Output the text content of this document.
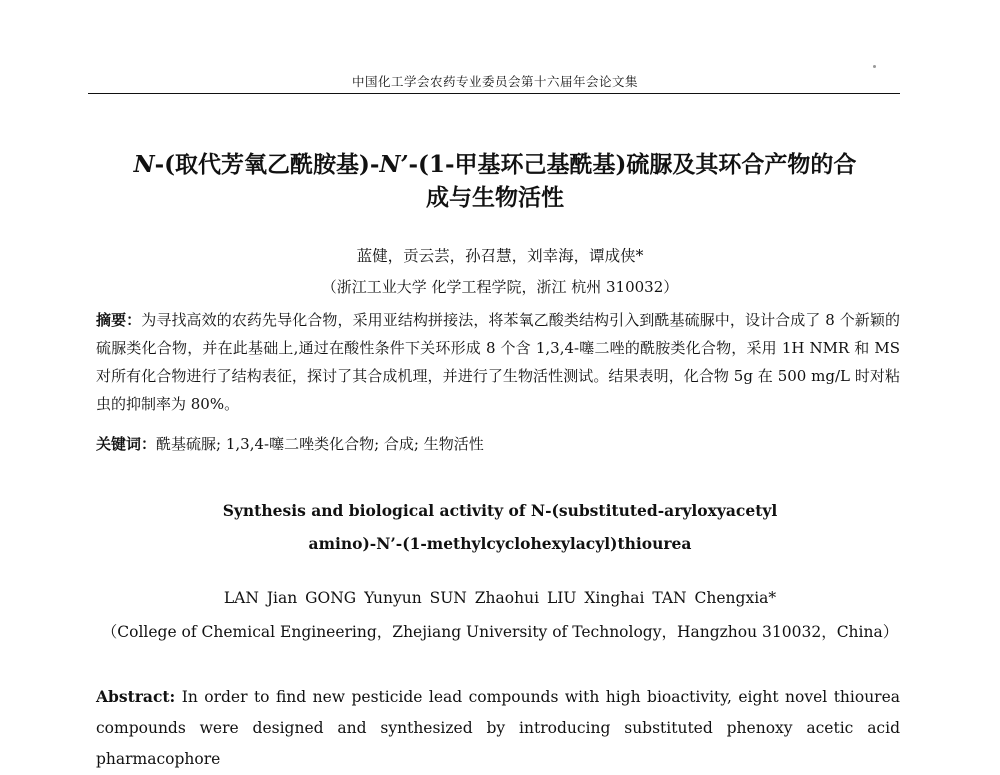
中国化工学会农药专业委员会第十六届年会论文集
N-(取代芳氧乙酰胺基)-N’-(1-甲基环己基酰基)硫脲及其环合产物的合
成与生物活性
蓝健，贡云芸，孙召慧，刘幸海，谭成侠*
（浙江工业大学 化学工程学院，浙江 杭州 310032）
摘要：为寻找高效的农药先导化合物，采用亚结构拼接法，将苯氧乙酸类结构引入到酰基硫脲中，设计合成了 8 个新颖的硫脲类化合物，并在此基础上,通过在酸性条件下关环形成 8 个含 1,3,4-噻二唑的酰胺类化合物，采用 1H NMR 和 MS 对所有化合物进行了结构表征，探讨了其合成机理，并进行了生物活性测试。结果表明，化合物 5g 在 500 mg/L 时对粘虫的抑制率为 80%。
关键词：酰基硫脲; 1,3,4-噻二唑类化合物; 合成; 生物活性
Synthesis and biological activity of N-(substituted-aryloxyacetyl
amino)-N’-(1-methylcyclohexylacyl)thiourea
LAN Jian GONG Yunyun SUN Zhaohui LIU Xinghai TAN Chengxia*
（College of Chemical Engineering，Zhejiang University of Technology，Hangzhou 310032，China）
Abstract: In order to find new pesticide lead compounds with high bioactivity, eight novel thiourea compounds were designed and synthesized by introducing substituted phenoxy acetic acid pharmacophore
